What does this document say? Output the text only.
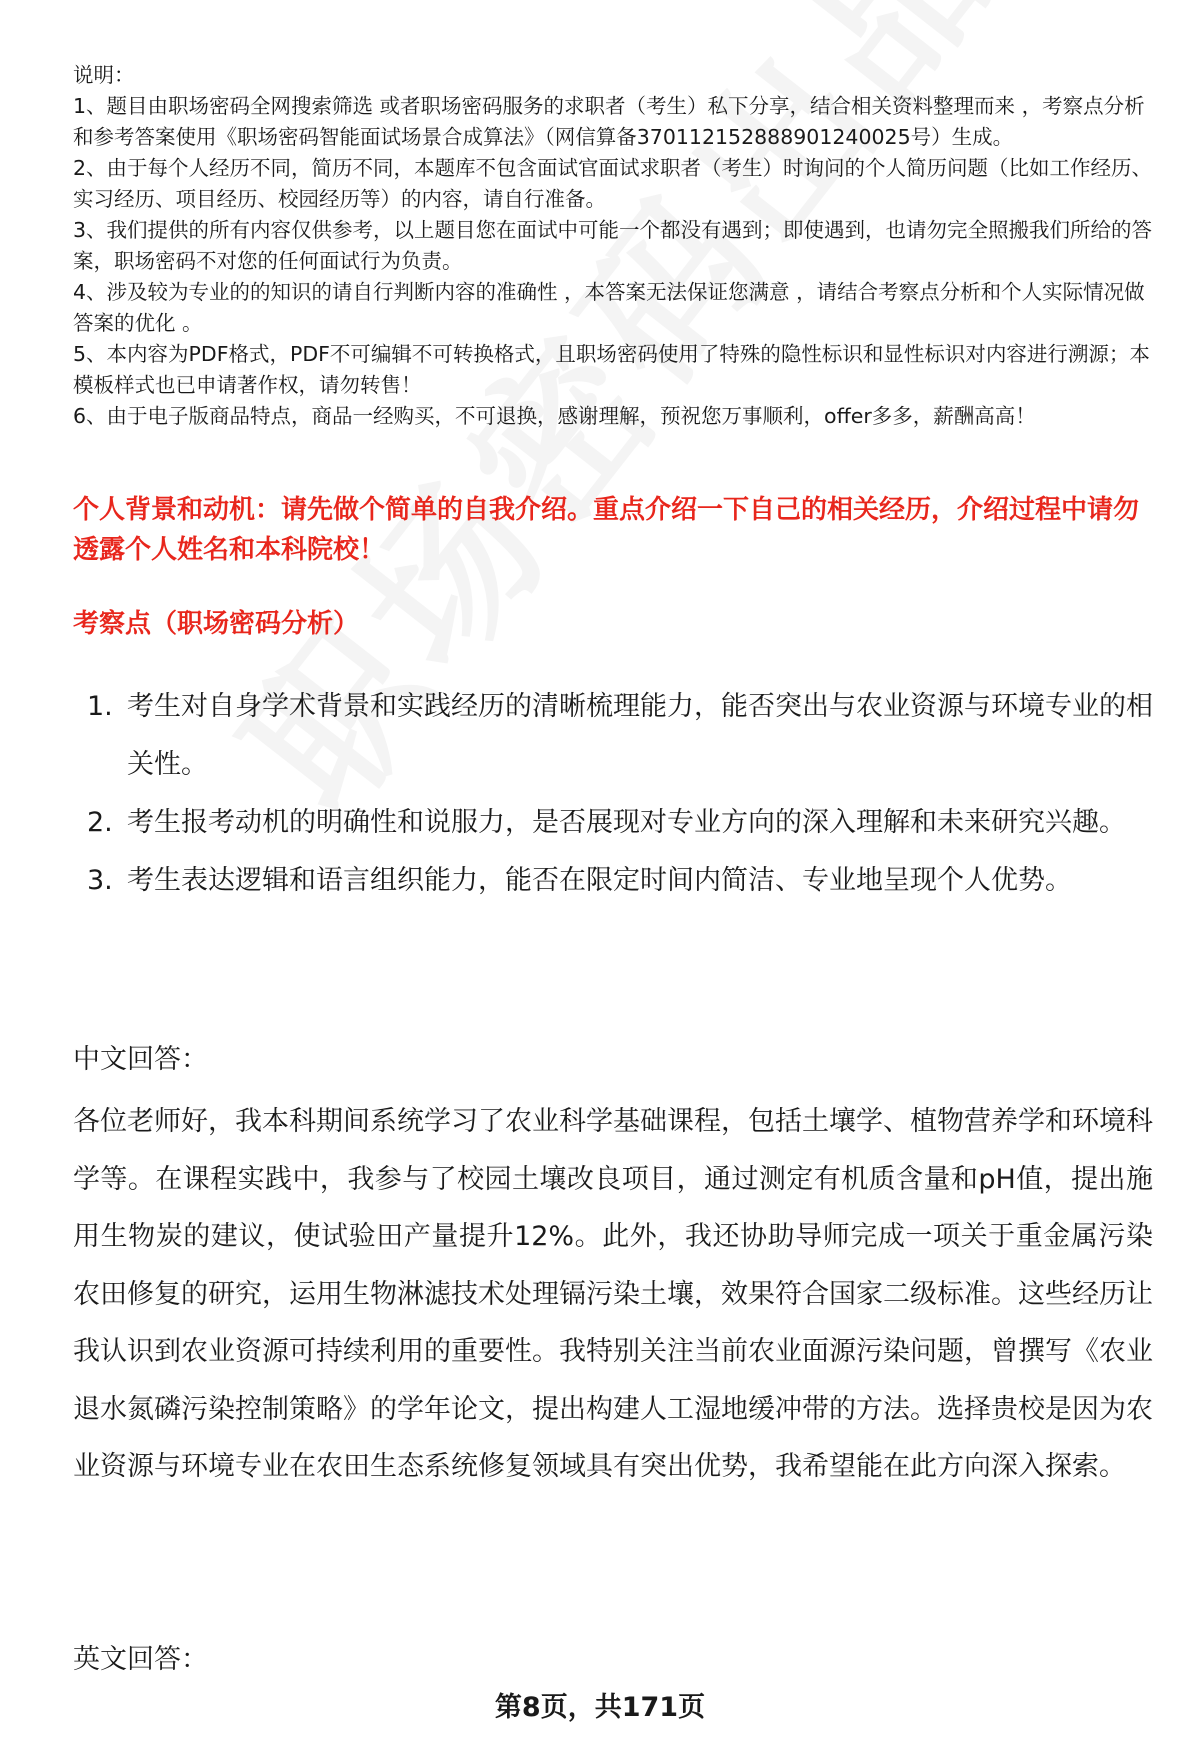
说明：

1、题目由职场密码全网搜索筛选 或者职场密码服务的求职者（考生）私下分享，结合相关资料整理而来 ，考察点分析和参考答案使用《职场密码智能面试场景合成算法》（网信算备370112152888901240025号）生成。

2、由于每个人经历不同，简历不同，本题库不包含面试官面试求职者（考生）时询问的个人简历问题（比如工作经历、实习经历、项目经历、校园经历等）的内容，请自行准备。

3、我们提供的所有内容仅供参考，以上题目您在面试中可能一个都没有遇到；即使遇到，也请勿完全照搬我们所给的答案，职场密码不对您的任何面试行为负责。

4、涉及较为专业的的知识的请自行判断内容的准确性 ，本答案无法保证您满意 ，请结合考察点分析和个人实际情况做答案的优化 。

5、本内容为PDF格式，PDF不可编辑不可转换格式，且职场密码使用了特殊的隐性标识和显性标识对内容进行溯源；本模板样式也已申请著作权，请勿转售！

6、由于电子版商品特点，商品一经购买，不可退换，感谢理解，预祝您万事顺利，offer多多，薪酬高高！

个人背景和动机：请先做个简单的自我介绍。重点介绍一下自己的相关经历，介绍过程中请勿透露个人姓名和本科院校！
考察点（职场密码分析）
1. 考生对自身学术背景和实践经历的清晰梳理能力，能否突出与农业资源与环境专业的相关性。
2. 考生报考动机的明确性和说服力，是否展现对专业方向的深入理解和未来研究兴趣。
3. 考生表达逻辑和语言组织能力，能否在限定时间内简洁、专业地呈现个人优势。
中文回答：
各位老师好，我本科期间系统学习了农业科学基础课程，包括土壤学、植物营养学和环境科学等。在课程实践中，我参与了校园土壤改良项目，通过测定有机质含量和pH值，提出施用生物炭的建议，使试验田产量提升12%。此外，我还协助导师完成一项关于重金属污染农田修复的研究，运用生物淋滤技术处理镉污染土壤，效果符合国家二级标准。这些经历让我认识到农业资源可持续利用的重要性。我特别关注当前农业面源污染问题，曾撰写《农业退水氮磷污染控制策略》的学年论文，提出构建人工湿地缓冲带的方法。选择贵校是因为农业资源与环境专业在农田生态系统修复领域具有突出优势，我希望能在此方向深入探索。
英文回答：
第8页，共171页
